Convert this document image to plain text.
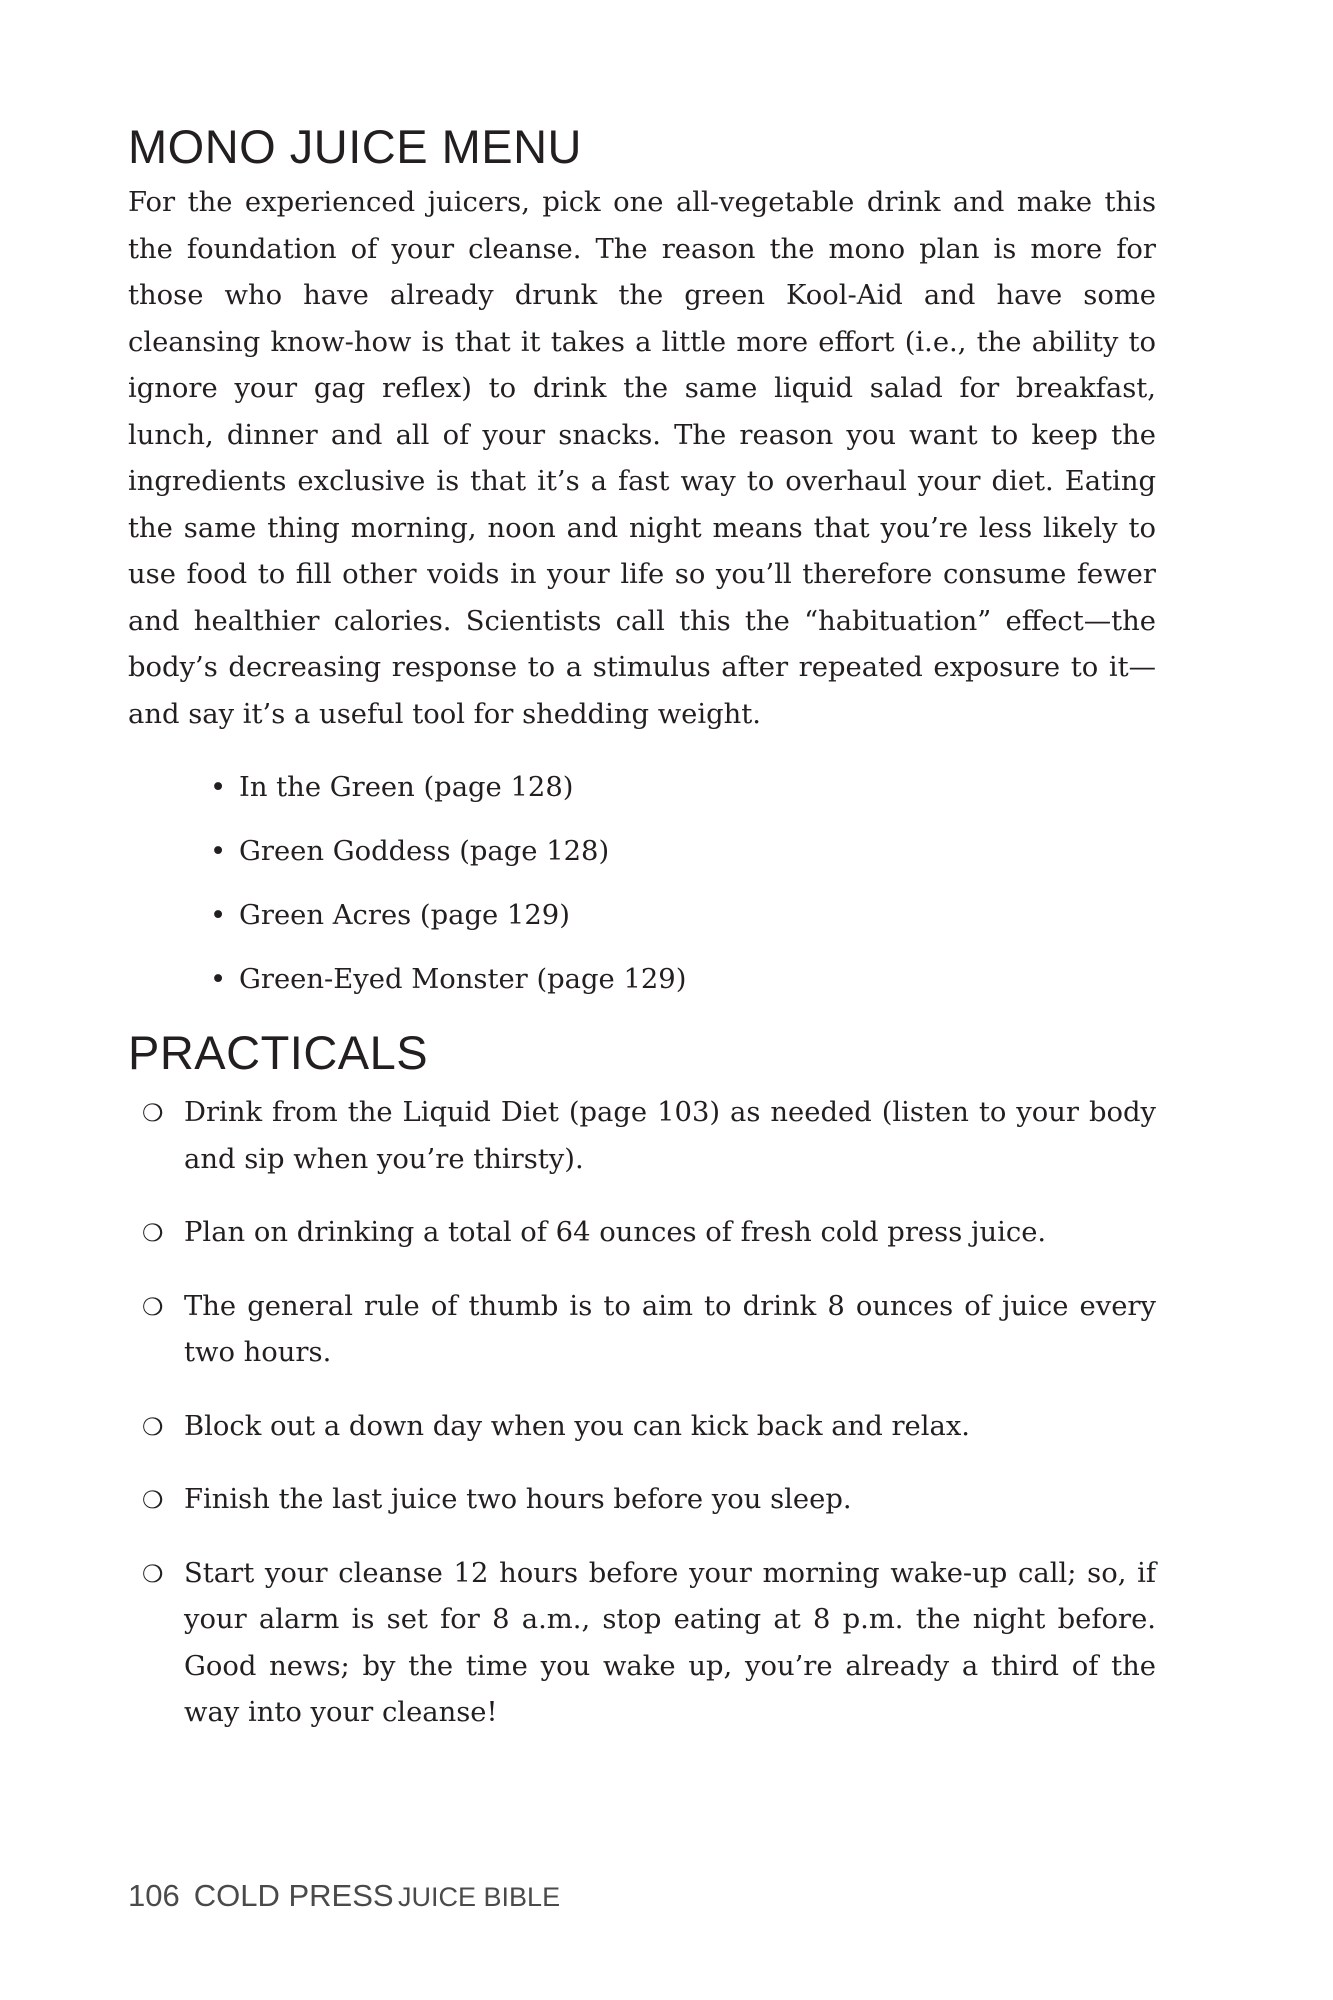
MONO JUICE MENU

For the experienced juicers, pick one all-vegetable drink and make this the foundation of your cleanse. The reason the mono plan is more for those who have already drunk the green Kool-Aid and have some cleansing know-how is that it takes a little more effort (i.e., the ability to ignore your gag reflex) to drink the same liquid salad for breakfast, lunch, dinner and all of your snacks. The reason you want to keep the ingredients exclusive is that it’s a fast way to overhaul your diet. Eating the same thing morning, noon and night means that you’re less likely to use food to fill other voids in your life so you’ll therefore consume fewer and healthier calories. Scientists call this the “habituation” effect—the body’s decreasing response to a stimulus after repeated exposure to it—and say it’s a useful tool for shedding weight.

• In the Green (page 128)
• Green Goddess (page 128)
• Green Acres (page 129)
• Green-Eyed Monster (page 129)
PRACTICALS
❍ Drink from the Liquid Diet (page 103) as needed (listen to your body and sip when you’re thirsty).
❍ Plan on drinking a total of 64 ounces of fresh cold press juice.
❍ The general rule of thumb is to aim to drink 8 ounces of juice every two hours.
❍ Block out a down day when you can kick back and relax.
❍ Finish the last juice two hours before you sleep.
❍ Start your cleanse 12 hours before your morning wake-up call; so, if your alarm is set for 8 a.m., stop eating at 8 p.m. the night before. Good news; by the time you wake up, you’re already a third of the way into your cleanse!
106 COLD PRESS JUICE BIBLE
